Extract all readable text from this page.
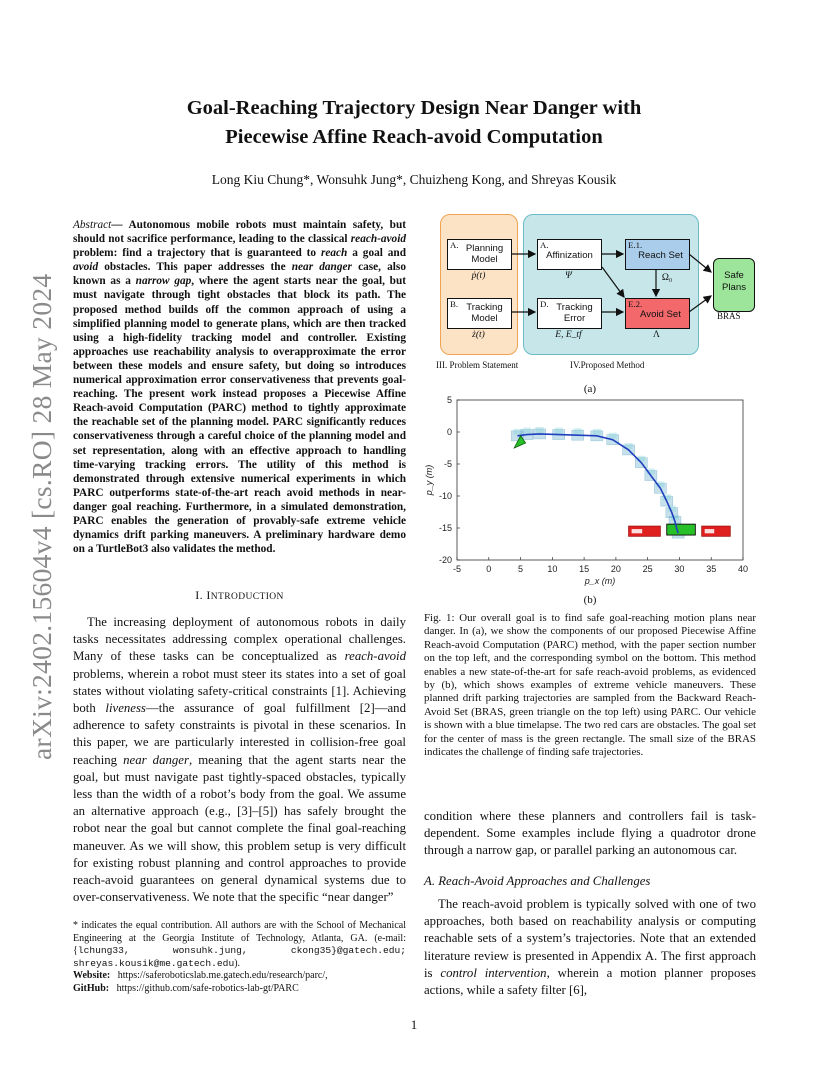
Goal-Reaching Trajectory Design Near Danger with
Piecewise Affine Reach-avoid Computation
Long Kiu Chung*, Wonsuhk Jung*, Chuizheng Kong, and Shreyas Kousik
arXiv:2402.15604v4 [cs.RO] 28 May 2024
Abstract— Autonomous mobile robots must maintain safety, but should not sacrifice performance, leading to the classical reach-avoid problem: find a trajectory that is guaranteed to reach a goal and avoid obstacles. This paper addresses the near danger case, also known as a narrow gap, where the agent starts near the goal, but must navigate through tight obstacles that block its path. The proposed method builds off the common approach of using a simplified planning model to generate plans, which are then tracked using a high-fidelity tracking model and controller. Existing approaches use reachability analysis to overapproximate the error between these models and ensure safety, but doing so introduces numerical approximation error conservativeness that prevents goal-reaching. The present work instead proposes a Piecewise Affine Reach-avoid Computation (PARC) method to tightly approximate the reachable set of the planning model. PARC significantly reduces conservativeness through a careful choice of the planning model and set representation, along with an effective approach to handling time-varying tracking errors. The utility of this method is demonstrated through extensive numerical experiments in which PARC outperforms state-of-the-art reach avoid methods in near-danger goal reaching. Furthermore, in a simulated demonstration, PARC enables the generation of provably-safe extreme vehicle dynamics drift parking maneuvers. A preliminary hardware demo on a TurtleBot3 also validates the method.
I. INTRODUCTION
The increasing deployment of autonomous robots in daily tasks necessitates addressing complex operational challenges. Many of these tasks can be conceptualized as reach-avoid problems, wherein a robot must steer its states into a set of goal states without violating safety-critical constraints [1]. Achieving both liveness—the assurance of goal fulfillment [2]—and adherence to safety constraints is pivotal in these scenarios. In this paper, we are particularly interested in collision-free goal reaching near danger, meaning that the agent starts near the goal, but must navigate past tightly-spaced obstacles, typically less than the width of a robot’s body from the goal. We assume an alternative approach (e.g., [3]–[5]) has safely brought the robot near the goal but cannot complete the final goal-reaching maneuver. As we will show, this problem setup is very difficult for existing robust planning and control approaches to provide reach-avoid guarantees on general dynamical systems due to over-conservativeness. We note that the specific “near danger”
* indicates the equal contribution. All authors are with the School of Mechanical Engineering at the Georgia Institute of Technology, Atlanta, GA. (e-mail: {lchung33, wonsuhk.jung, ckong35}@gatech.edu; shreyas.kousik@me.gatech.edu).
Website: https://saferoboticslab.me.gatech.edu/research/parc/,
GitHub: https://github.com/safe-robotics-lab-gt/PARC
A. Planning Model
ṗ(t)
B. Tracking Model
ż(t)
A.
Affinization
Ψ
D. Tracking Error
E, E_tf
E.1.
Reach Set
Ω₀
E.2.
Avoid Set
Λ
Safe Plans
BRAS
III. Problem Statement	IV.Proposed Method
(a)
-5	0	5	10 15 20 25 30 35 40
5
0
-5
-10
-15
-20
p_x (m)
p_y (m)
(b)
Fig. 1: Our overall goal is to find safe goal-reaching motion plans near danger. In (a), we show the components of our proposed Piecewise Affine Reach-avoid Computation (PARC) method, with the paper section number on the top left, and the corresponding symbol on the bottom. This method enables a new state-of-the-art for safe reach-avoid problems, as evidenced by (b), which shows examples of extreme vehicle maneuvers. These planned drift parking trajectories are sampled from the Backward Reach-Avoid Set (BRAS, green triangle on the top left) using PARC. Our vehicle is shown with a blue timelapse. The two red cars are obstacles. The goal set for the center of mass is the green rectangle. The small size of the BRAS indicates the challenge of finding safe trajectories.
condition where these planners and controllers fail is task-dependent. Some examples include flying a quadrotor drone through a narrow gap, or parallel parking an autonomous car.
A. Reach-Avoid Approaches and Challenges
The reach-avoid problem is typically solved with one of two approaches, both based on reachability analysis or computing reachable sets of a system’s trajectories. Note that an extended literature review is presented in Appendix A. The first approach is control intervention, wherein a motion planner proposes actions, while a safety filter [6],
1
